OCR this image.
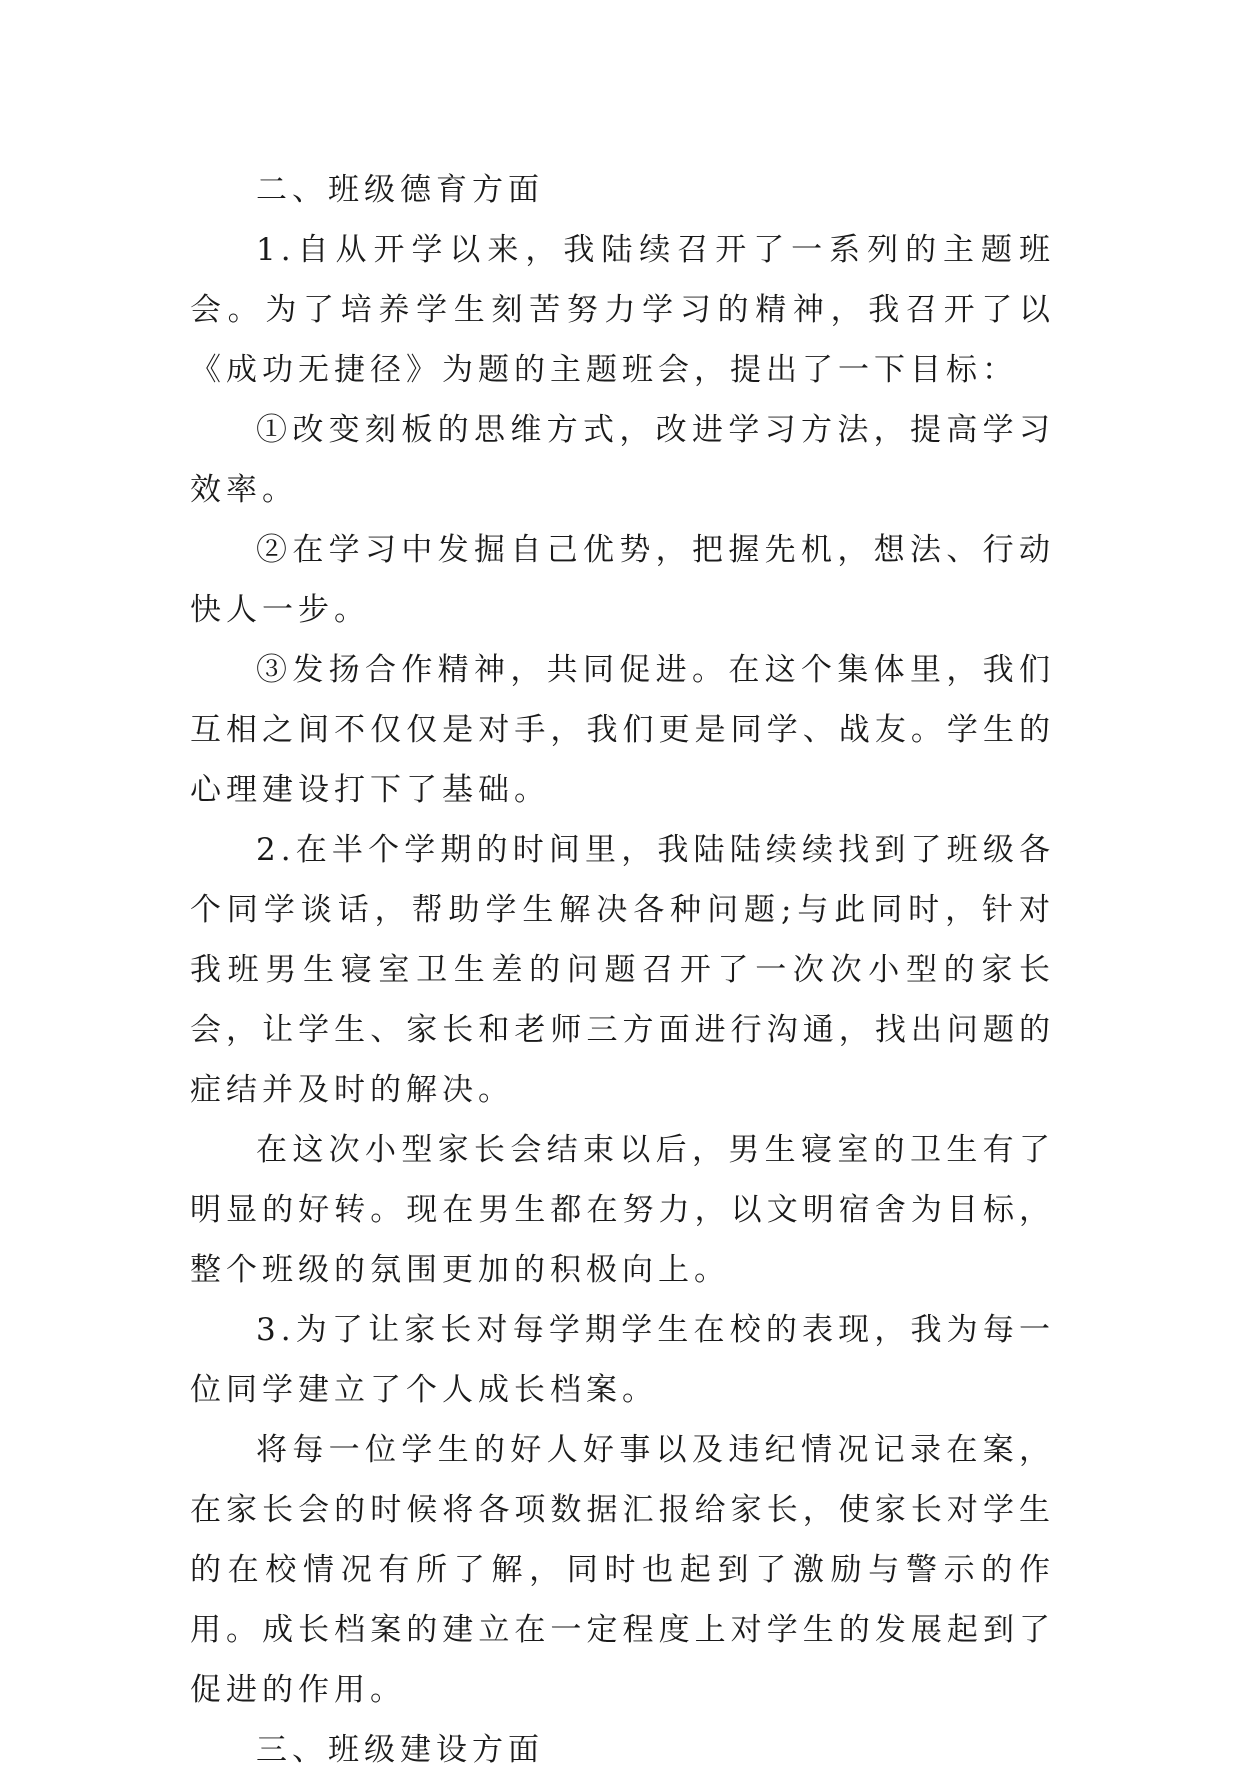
二、班级德育方面

1.自从开学以来，我陆续召开了一系列的主题班会。为了培养学生刻苦努力学习的精神，我召开了以《成功无捷径》为题的主题班会，提出了一下目标：

①改变刻板的思维方式，改进学习方法，提高学习效率。

②在学习中发掘自己优势，把握先机，想法、行动快人一步。

③发扬合作精神，共同促进。在这个集体里，我们互相之间不仅仅是对手，我们更是同学、战友。学生的心理建设打下了基础。

2.在半个学期的时间里，我陆陆续续找到了班级各个同学谈话，帮助学生解决各种问题;与此同时，针对我班男生寝室卫生差的问题召开了一次次小型的家长会，让学生、家长和老师三方面进行沟通，找出问题的症结并及时的解决。

在这次小型家长会结束以后，男生寝室的卫生有了明显的好转。现在男生都在努力，以文明宿舍为目标，整个班级的氛围更加的积极向上。

3.为了让家长对每学期学生在校的表现，我为每一位同学建立了个人成长档案。

将每一位学生的好人好事以及违纪情况记录在案，在家长会的时候将各项数据汇报给家长，使家长对学生的在校情况有所了解，同时也起到了激励与警示的作用。成长档案的建立在一定程度上对学生的发展起到了促进的作用。

三、班级建设方面
